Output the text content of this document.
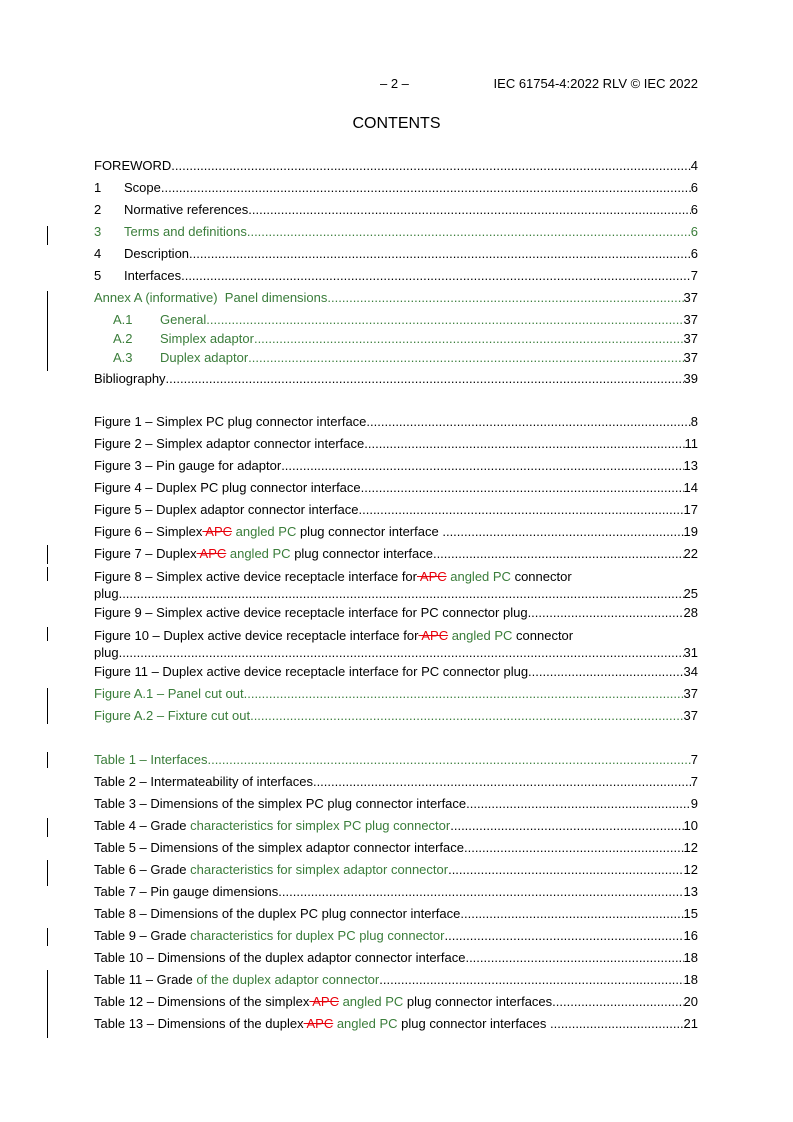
– 2 –	IEC 61754-4:2022 RLV © IEC 2022
CONTENTS
FOREWORD .....	4
1 Scope .....	6
2 Normative references .....	6
3 Terms and definitions .....	6
4 Description .....	6
5 Interfaces .....	7
Annex A (informative)  Panel dimensions .....	37
A.1 General .....	37
A.2 Simplex adaptor .....	37
A.3 Duplex adaptor .....	37
Bibliography .....	39
Figure 1 – Simplex PC plug connector interface .....	8
Figure 2 – Simplex adaptor connector interface .....	11
Figure 3 – Pin gauge for adaptor .....	13
Figure 4 – Duplex PC plug connector interface .....	14
Figure 5 – Duplex adaptor connector interface .....	17
Figure 6 – Simplex APC angled PC plug connector interface .....	19
Figure 7 – Duplex APC angled PC plug connector interface .....	22
Figure 8 – Simplex active device receptacle interface for APC angled PC connector
plug .....	25
Figure 9 – Simplex active device receptacle interface for PC connector plug .....	28
Figure 10 – Duplex active device receptacle interface for APC angled PC connector
plug .....	31
Figure 11 – Duplex active device receptacle interface for PC connector plug .....	34
Figure A.1 – Panel cut out .....	37
Figure A.2 – Fixture cut out .....	37
Table 1 – Interfaces .....	7
Table 2 – Intermateability of interfaces .....	7
Table 3 – Dimensions of the simplex PC plug connector interface .....	9
Table 4 – Grade characteristics for simplex PC plug connector .....	10
Table 5 – Dimensions of the simplex adaptor connector interface .....	12
Table 6 – Grade characteristics for simplex adaptor connector .....	12
Table 7 – Pin gauge dimensions .....	13
Table 8 – Dimensions of the duplex PC plug connector interface .....	15
Table 9 – Grade characteristics for duplex PC plug connector .....	16
Table 10 – Dimensions of the duplex adaptor connector interface .....	18
Table 11 – Grade of the duplex adaptor connector .....	18
Table 12 – Dimensions of the simplex APC angled PC plug connector interfaces .....	20
Table 13 – Dimensions of the duplex APC angled PC plug connector interfaces .....	21
